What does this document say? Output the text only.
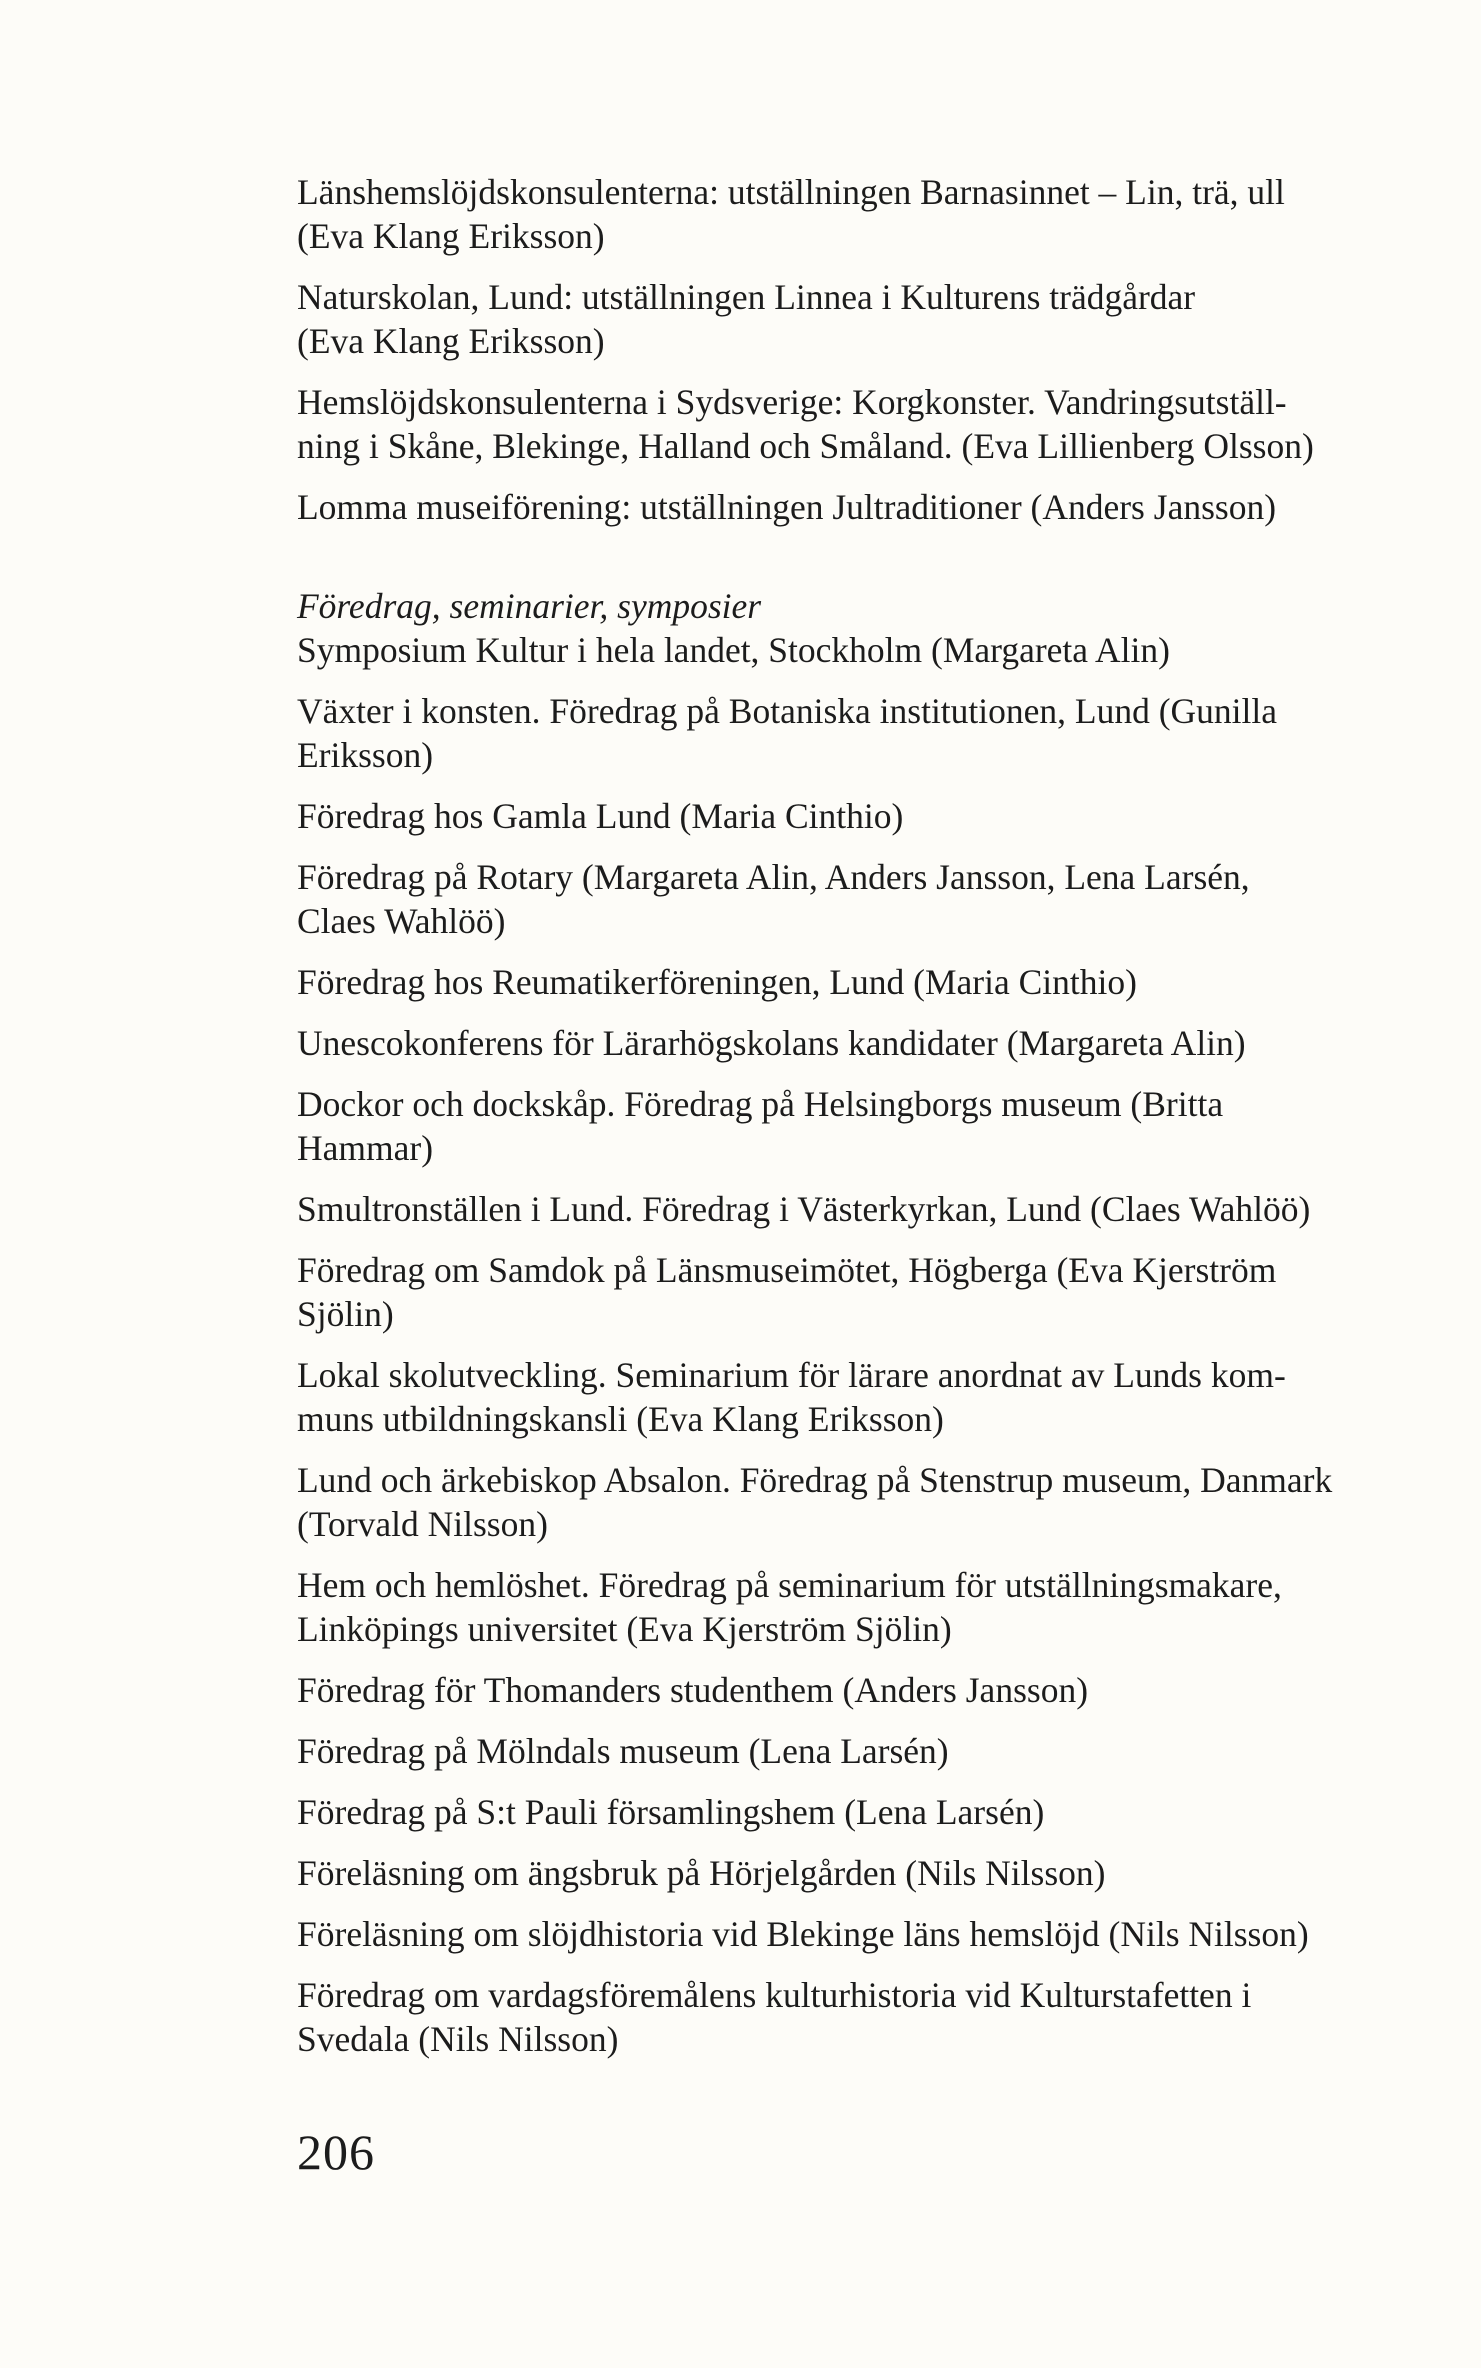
Länshemslöjdskonsulenterna: utställningen Barnasinnet – Lin, trä, ull
(Eva Klang Eriksson)

Naturskolan, Lund: utställningen Linnea i Kulturens trädgårdar
(Eva Klang Eriksson)

Hemslöjdskonsulenterna i Sydsverige: Korgkonster. Vandringsutställ-
ning i Skåne, Blekinge, Halland och Småland. (Eva Lillienberg Olsson)

Lomma museiförening: utställningen Jultraditioner (Anders Jansson)

Föredrag, seminarier, symposier

Symposium Kultur i hela landet, Stockholm (Margareta Alin)

Växter i konsten. Föredrag på Botaniska institutionen, Lund (Gunilla
Eriksson)

Föredrag hos Gamla Lund (Maria Cinthio)

Föredrag på Rotary (Margareta Alin, Anders Jansson, Lena Larsén,
Claes Wahlöö)

Föredrag hos Reumatikerföreningen, Lund (Maria Cinthio)

Unescokonferens för Lärarhögskolans kandidater (Margareta Alin)

Dockor och dockskåp. Föredrag på Helsingborgs museum (Britta
Hammar)

Smultronställen i Lund. Föredrag i Västerkyrkan, Lund (Claes Wahlöö)

Föredrag om Samdok på Länsmuseimötet, Högberga (Eva Kjerström
Sjölin)

Lokal skolutveckling. Seminarium för lärare anordnat av Lunds kom-
muns utbildningskansli (Eva Klang Eriksson)

Lund och ärkebiskop Absalon. Föredrag på Stenstrup museum, Danmark
(Torvald Nilsson)

Hem och hemlöshet. Föredrag på seminarium för utställningsmakare,
Linköpings universitet (Eva Kjerström Sjölin)

Föredrag för Thomanders studenthem (Anders Jansson)

Föredrag på Mölndals museum (Lena Larsén)

Föredrag på S:t Pauli församlingshem (Lena Larsén)

Föreläsning om ängsbruk på Hörjelgården (Nils Nilsson)

Föreläsning om slöjdhistoria vid Blekinge läns hemslöjd (Nils Nilsson)

Föredrag om vardagsföremålens kulturhistoria vid Kulturstafetten i
Svedala (Nils Nilsson)

206
